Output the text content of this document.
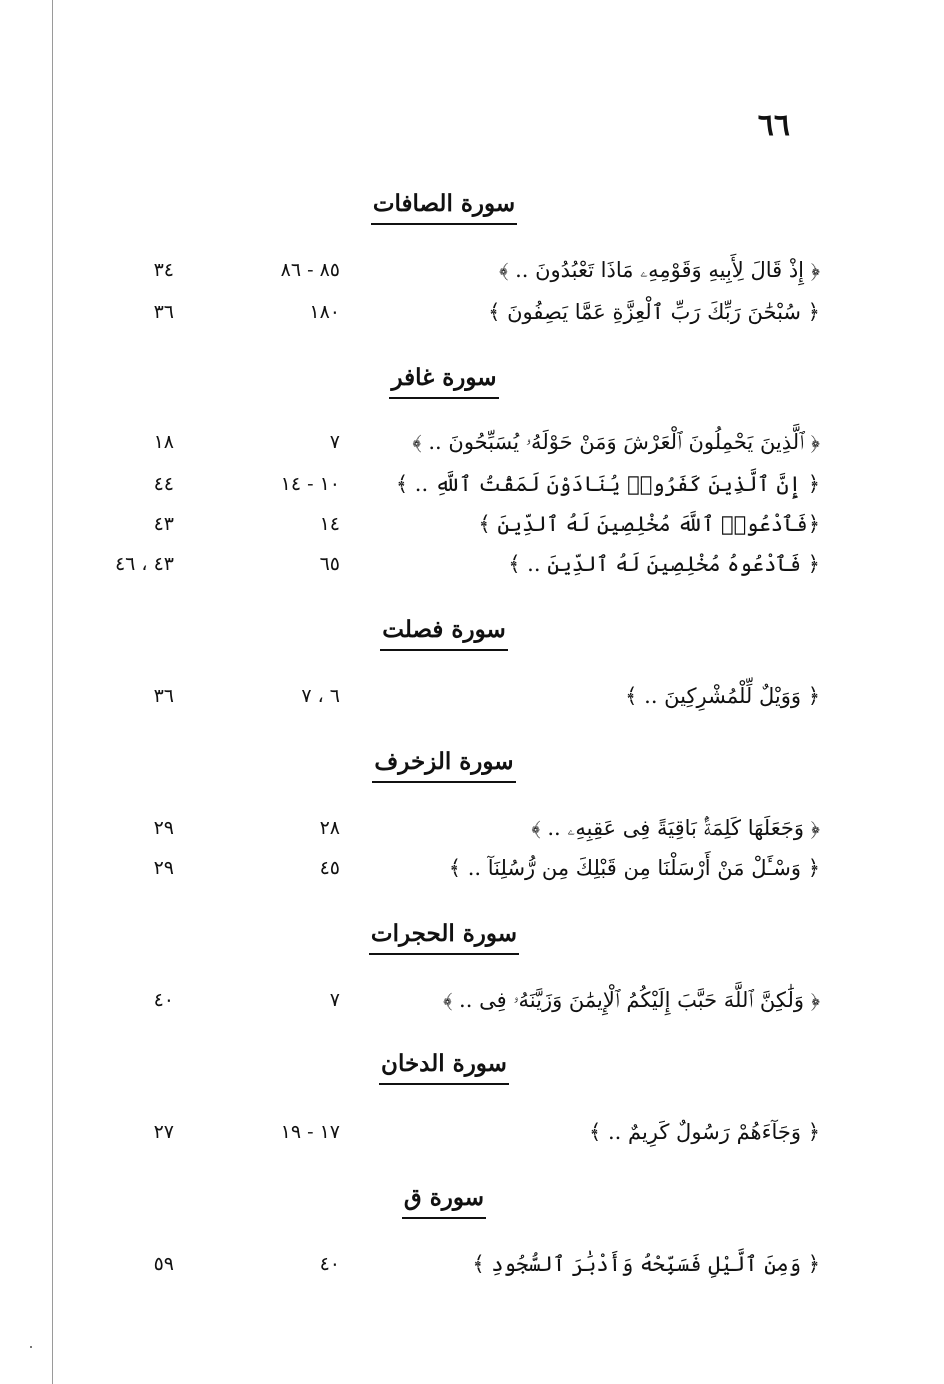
٦٦
سورة الصافات
﴿ إِذْ قَالَ لِأَبِيهِ وَقَوْمِهِۦ مَاذَا تَعْبُدُونَ .. ﴾
٨٥ - ٨٦
٣٤
﴿ سُبْحَٰنَ رَبِّكَ رَبِّ ٱلْعِزَّةِ عَمَّا يَصِفُونَ ﴾
١٨٠
٣٦
سورة غافر
﴿ ٱلَّذِينَ يَحْمِلُونَ ٱلْعَرْشَ وَمَنْ حَوْلَهُۥ يُسَبِّحُونَ .. ﴾
٧
١٨
﴿ إِنَّ ٱلَّذِينَ كَفَرُوا۟ يُنَادَوْنَ لَمَقْتُ ٱللَّهِ .. ﴾
١٠ - ١٤
٤٤
﴿فَٱدْعُوا۟ ٱللَّهَ مُخْلِصِينَ لَهُ ٱلدِّينَ ﴾
١٤
٤٣
﴿ فَٱدْعُوهُ مُخْلِصِينَ لَهُ ٱلدِّينَ .. ﴾
٦٥
٤٣ ، ٤٦
سورة فصلت
﴿ وَوَيْلٌ لِّلْمُشْرِكِينَ .. ﴾
٦ ، ٧
٣٦
سورة الزخرف
﴿ وَجَعَلَهَا كَلِمَةًۢ بَاقِيَةً فِى عَقِبِهِۦ .. ﴾
٢٨
٢٩
﴿ وَسْـَٔلْ مَنْ أَرْسَلْنَا مِن قَبْلِكَ مِن رُّسُلِنَآ .. ﴾
٤٥
٢٩
سورة الحجرات
﴿ وَلَٰكِنَّ ٱللَّهَ حَبَّبَ إِلَيْكُمُ ٱلْإِيمَٰنَ وَزَيَّنَهُۥ فِى .. ﴾
٧
٤٠
سورة الدخان
﴿ وَجَآءَهُمْ رَسُولٌ كَرِيمٌ .. ﴾
١٧ - ١٩
٢٧
سورة ق
﴿ وَمِنَ ٱلَّيْلِ فَسَبِّحْهُ وَأَدْبَٰرَ ٱلسُّجُودِ ﴾
٤٠
٥٩
